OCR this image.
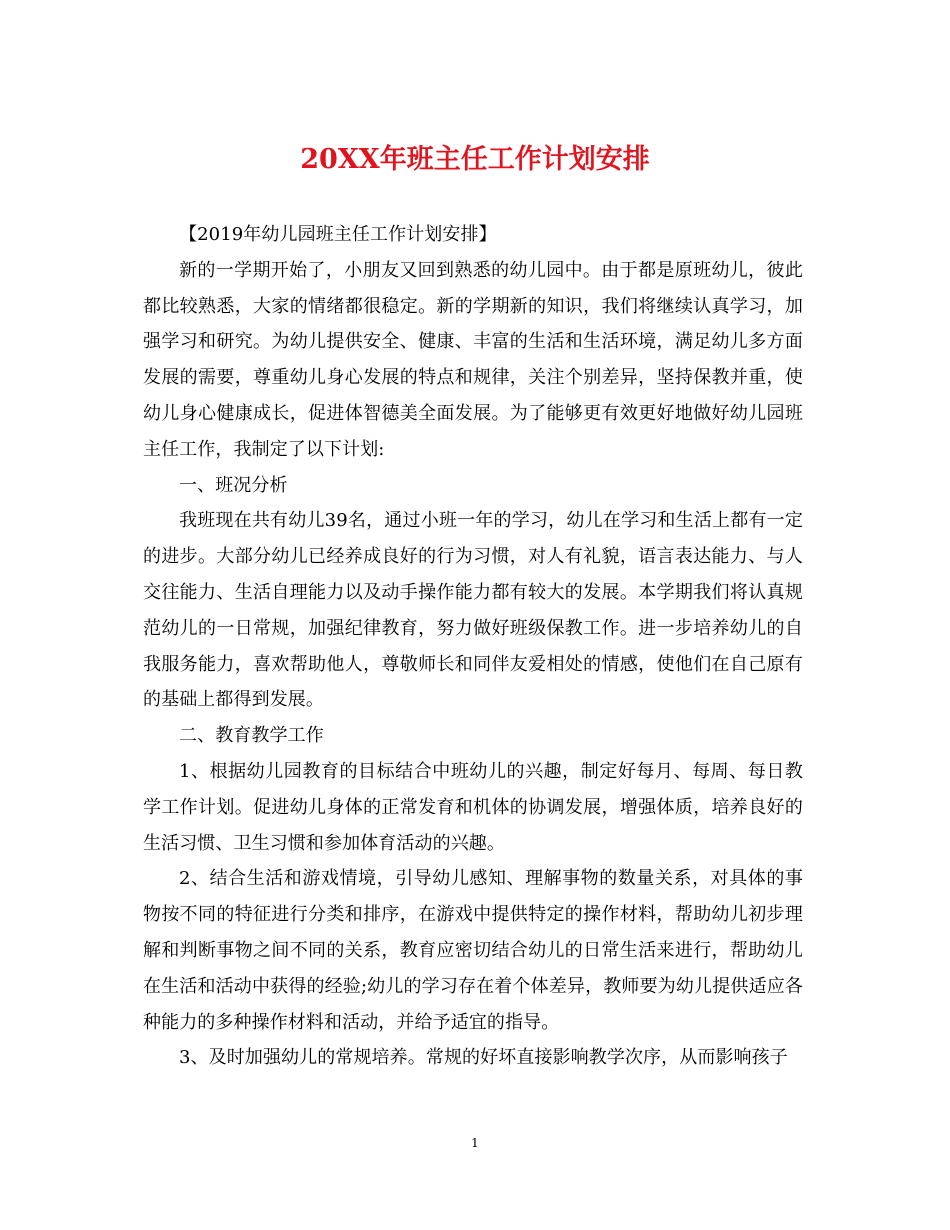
20XX年班主任工作计划安排

【2019年幼儿园班主任工作计划安排】

新的一学期开始了，小朋友又回到熟悉的幼儿园中。由于都是原班幼儿，彼此都比较熟悉，大家的情绪都很稳定。新的学期新的知识，我们将继续认真学习，加强学习和研究。为幼儿提供安全、健康、丰富的生活和生活环境，满足幼儿多方面发展的需要，尊重幼儿身心发展的特点和规律，关注个别差异，坚持保教并重，使幼儿身心健康成长，促进体智德美全面发展。为了能够更有效更好地做好幼儿园班主任工作，我制定了以下计划:

一、班况分析

我班现在共有幼儿39名，通过小班一年的学习，幼儿在学习和生活上都有一定的进步。大部分幼儿已经养成良好的行为习惯，对人有礼貌，语言表达能力、与人交往能力、生活自理能力以及动手操作能力都有较大的发展。本学期我们将认真规范幼儿的一日常规，加强纪律教育，努力做好班级保教工作。进一步培养幼儿的自我服务能力，喜欢帮助他人，尊敬师长和同伴友爱相处的情感，使他们在自己原有的基础上都得到发展。

二、教育教学工作

1、根据幼儿园教育的目标结合中班幼儿的兴趣，制定好每月、每周、每日教学工作计划。促进幼儿身体的正常发育和机体的协调发展，增强体质，培养良好的生活习惯、卫生习惯和参加体育活动的兴趣。

2、结合生活和游戏情境，引导幼儿感知、理解事物的数量关系，对具体的事物按不同的特征进行分类和排序，在游戏中提供特定的操作材料，帮助幼儿初步理解和判断事物之间不同的关系，教育应密切结合幼儿的日常生活来进行，帮助幼儿在生活和活动中获得的经验;幼儿的学习存在着个体差异，教师要为幼儿提供适应各种能力的多种操作材料和活动，并给予适宜的指导。

3、及时加强幼儿的常规培养。常规的好坏直接影响教学次序，从而影响孩子

1
